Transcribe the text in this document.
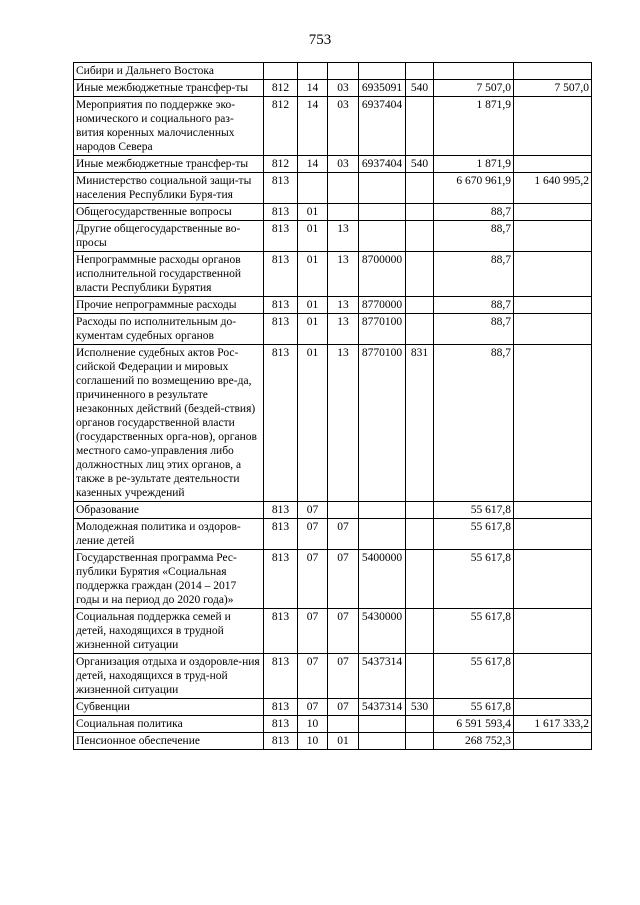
753
Сибири и Дальнего Востока							
Иные межбюджетные трансфер-ты	812	14	03	6935091	540	7 507,0	7 507,0
Мероприятия по поддержке эко-номического и социального раз-вития коренных малочисленных народов Севера	812	14	03	6937404		1 871,9	
Иные межбюджетные трансфер-ты	812	14	03	6937404	540	1 871,9	
Министерство социальной защи-ты населения Республики Буря-тия	813					6 670 961,9	1 640 995,2
Общегосударственные вопросы	813	01				88,7	
Другие общегосударственные во-просы	813	01	13			88,7	
Непрограммные расходы органов исполнительной государственной власти Республики Бурятия	813	01	13	8700000		88,7	
Прочие непрограммные расходы	813	01	13	8770000		88,7	
Расходы по исполнительным до-кументам судебных органов	813	01	13	8770100		88,7	
Исполнение судебных актов Рос-сийской Федерации и мировых соглашений по возмещению вре-да, причиненного в результате незаконных действий (бездей-ствия) органов государственной власти (государственных орга-нов), органов местного само-управления либо должностных лиц этих органов, а также в ре-зультате деятельности казенных учреждений	813	01	13	8770100	831	88,7	
Образование	813	07				55 617,8	
Молодежная политика и оздоров-ление детей	813	07	07			55 617,8	
Государственная программа Рес-публики Бурятия «Социальная поддержка граждан (2014 – 2017 годы и на период до 2020 года)»	813	07	07	5400000		55 617,8	
Социальная поддержка семей и детей, находящихся в трудной жизненной ситуации	813	07	07	5430000		55 617,8	
Организация отдыха и оздоровле-ния детей, находящихся в труд-ной жизненной ситуации	813	07	07	5437314		55 617,8	
Субвенции	813	07	07	5437314	530	55 617,8	
Социальная политика	813	10				6 591 593,4	1 617 333,2
Пенсионное обеспечение	813	10	01			268 752,3	
